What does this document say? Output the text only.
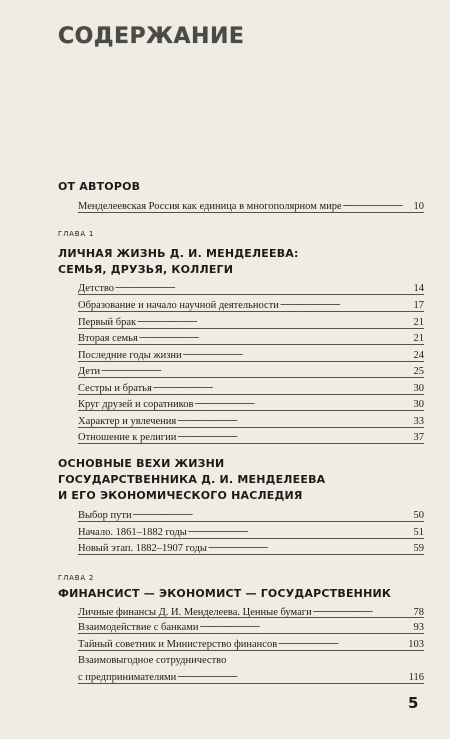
СОДЕРЖАНИЕ
ОТ АВТОРОВ
Менделеевская Россия как единица в многополярном мире . . .	10
ГЛАВА 1
ЛИЧНАЯ ЖИЗНЬ Д. И. МЕНДЕЛЕЕВА:
СЕМЬЯ, ДРУЗЬЯ, КОЛЛЕГИ
Детство . . .	14
Образование и начало научной деятельности . . .	17
Первый брак . . .	21
Вторая семья . . .	21
Последние годы жизни . . .	24
Дети . . .	25
Сестры и братья . . .	30
Круг друзей и соратников . . .	30
Характер и увлечения . . .	33
Отношение к религии . . .	37
ОСНОВНЫЕ ВЕХИ ЖИЗНИ
ГОСУДАРСТВЕННИКА Д. И. МЕНДЕЛЕЕВА
И ЕГО ЭКОНОМИЧЕСКОГО НАСЛЕДИЯ
Выбор пути . . .	50
Начало. 1861–1882 годы . . .	51
Новый этап. 1882–1907 годы . . .	59
ГЛАВА 2
ФИНАНСИСТ — ЭКОНОМИСТ — ГОСУДАРСТВЕННИК
Личные финансы Д. И. Менделеева. Ценные бумаги . . .	78
Взаимодействие с банками . . .	93
Тайный советник и Министерство финансов . . .	103
Взаимовыгодное сотрудничество
с предпринимателями . . .	116
5
